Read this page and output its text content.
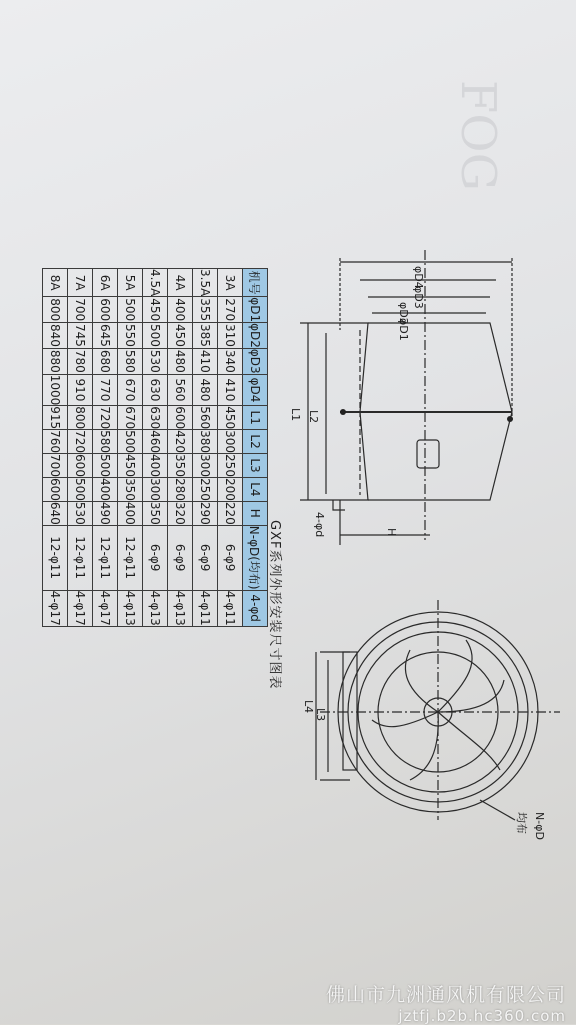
FOG
φD4
φD3
φD2
φD1
L1 L2
H
4-φd
L4
L3
N-φD
均布
GXF系列外形安装尺寸图表
机号	φD1	φD2	φD3	φD4	L1	L2	L3	L4	H	N-φD(均布)	4-φd
3A	270	310	340	410	450	300	250	200	220	6-φ9	4-φ11
3.5A	355	385	410	480	560	380	300	250	290	6-φ9	4-φ11
4A	400	450	480	560	600	420	350	280	320	6-φ9	4-φ13
4.5A	450	500	530	630	630	460	400	300	350	6-φ9	4-φ13
5A	500	550	580	670	670	500	450	350	400	12-φ11	4-φ13
6A	600	645	680	770	720	580	500	400	490	12-φ11	4-φ17
7A	700	745	780	910	800	720	600	500	530	12-φ11	4-φ17
8A	800	840	880	1000	915	760	700	600	640	12-φ11	4-φ17
佛山市九洲通风机有限公司
jztfj.b2b.hc360.com
